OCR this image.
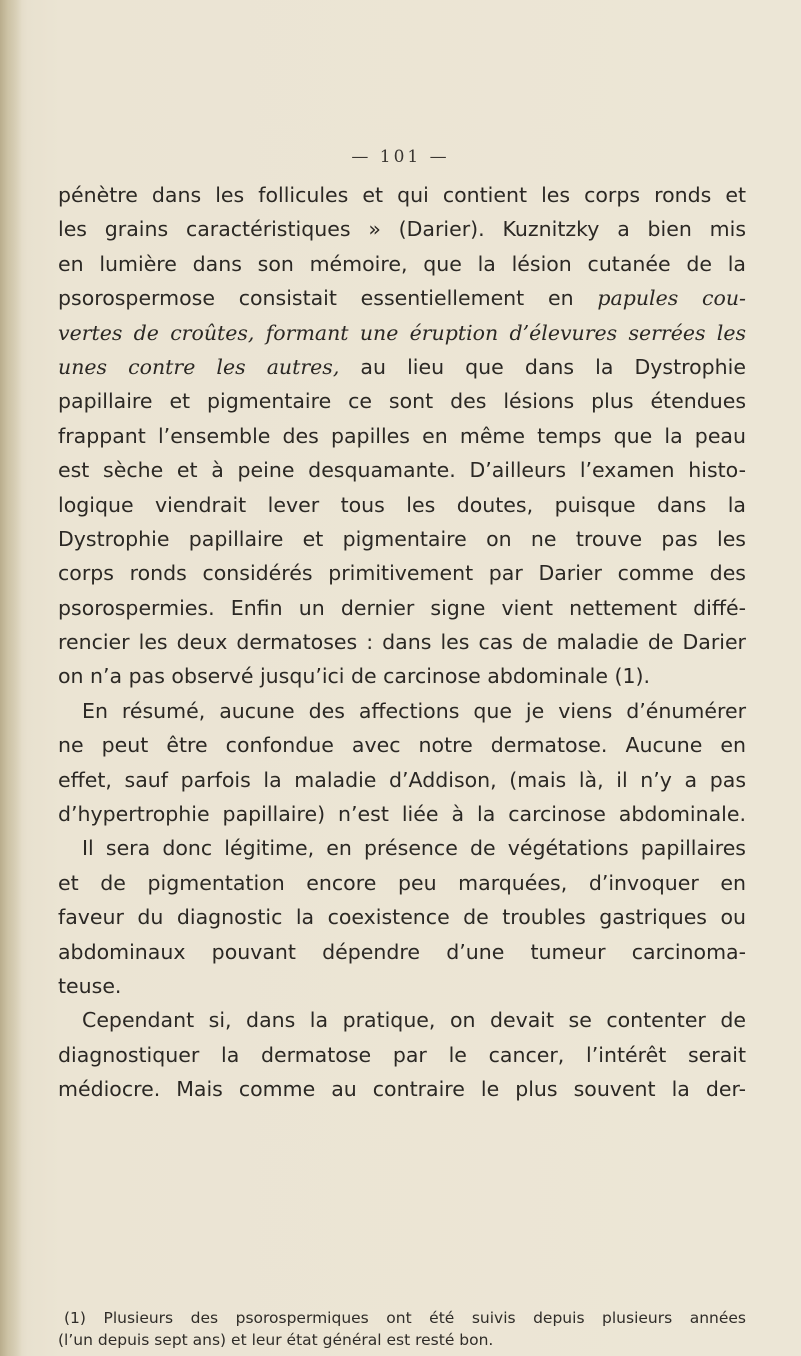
— 101 —
pénètre dans les follicules et qui contient les corps ronds et
les grains caractéristiques » (Darier). Kuznitzky a bien mis
en lumière dans son mémoire, que la lésion cutanée de la
psorospermose consistait essentiellement en papules cou-
vertes de croûtes, formant une éruption d’élevures serrées les
unes contre les autres, au lieu que dans la Dystrophie
papillaire et pigmentaire ce sont des lésions plus étendues
frappant l’ensemble des papilles en même temps que la peau
est sèche et à peine desquamante. D’ailleurs l’examen histo-
logique viendrait lever tous les doutes, puisque dans la
Dystrophie papillaire et pigmentaire on ne trouve pas les
corps ronds considérés primitivement par Darier comme des
psorospermies. Enfin un dernier signe vient nettement diffé-
rencier les deux dermatoses : dans les cas de maladie de Darier
on n’a pas observé jusqu’ici de carcinose abdominale (1).
En résumé, aucune des affections que je viens d’énumérer
ne peut être confondue avec notre dermatose. Aucune en
effet, sauf parfois la maladie d’Addison, (mais là, il n’y a pas
d’hypertrophie papillaire) n’est liée à la carcinose abdominale.
Il sera donc légitime, en présence de végétations papillaires
et de pigmentation encore peu marquées, d’invoquer en
faveur du diagnostic la coexistence de troubles gastriques ou
abdominaux pouvant dépendre d’une tumeur carcinoma-
teuse.
Cependant si, dans la pratique, on devait se contenter de
diagnostiquer la dermatose par le cancer, l’intérêt serait
médiocre. Mais comme au contraire le plus souvent la der-
(1) Plusieurs des psorospermiques ont été suivis depuis plusieurs années
(l’un depuis sept ans) et leur état général est resté bon.
